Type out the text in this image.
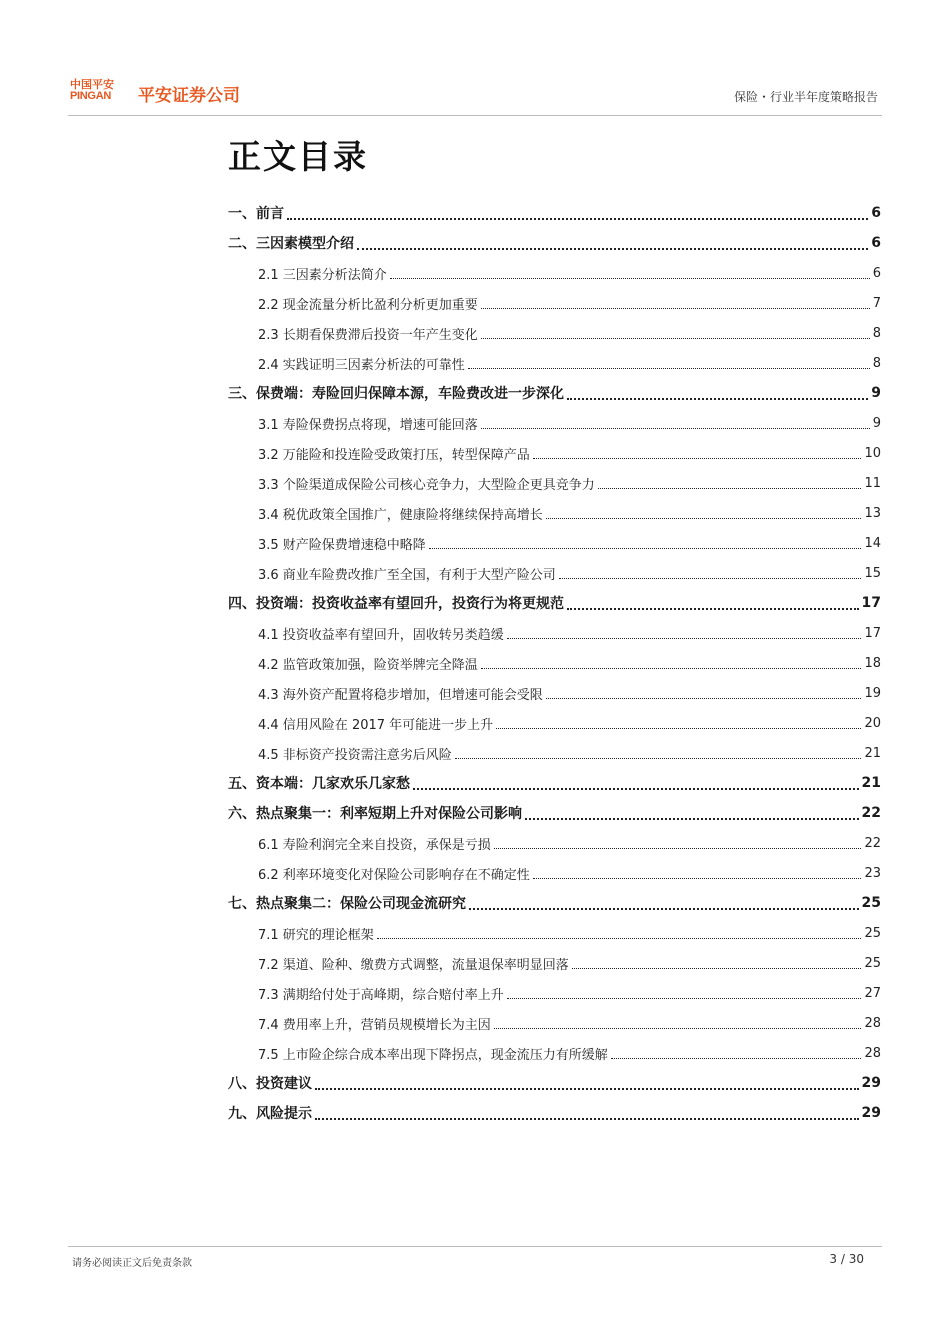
中国平安
PINGAN 平安证券公司	保险・行业半年度策略报告
正文目录
一、前言	6
二、三因素模型介绍	6
2.1 三因素分析法简介	6
2.2 现金流量分析比盈利分析更加重要	7
2.3 长期看保费滞后投资一年产生变化	8
2.4 实践证明三因素分析法的可靠性	8
三、保费端：寿险回归保障本源，车险费改进一步深化	9
3.1 寿险保费拐点将现，增速可能回落	9
3.2 万能险和投连险受政策打压，转型保障产品	10
3.3 个险渠道成保险公司核心竞争力，大型险企更具竞争力	11
3.4 税优政策全国推广，健康险将继续保持高增长	13
3.5 财产险保费增速稳中略降	14
3.6 商业车险费改推广至全国，有利于大型产险公司	15
四、投资端：投资收益率有望回升，投资行为将更规范	17
4.1 投资收益率有望回升，固收转另类趋缓	17
4.2 监管政策加强，险资举牌完全降温	18
4.3 海外资产配置将稳步增加，但增速可能会受限	19
4.4 信用风险在 2017 年可能进一步上升	20
4.5 非标资产投资需注意劣后风险	21
五、资本端：几家欢乐几家愁	21
六、热点聚集一：利率短期上升对保险公司影响	22
6.1 寿险利润完全来自投资，承保是亏损	22
6.2 利率环境变化对保险公司影响存在不确定性	23
七、热点聚集二：保险公司现金流研究	25
7.1 研究的理论框架	25
7.2 渠道、险种、缴费方式调整，流量退保率明显回落	25
7.3 满期给付处于高峰期，综合赔付率上升	27
7.4 费用率上升，营销员规模增长为主因	28
7.5 上市险企综合成本率出现下降拐点，现金流压力有所缓解	28
八、投资建议	29
九、风险提示	29
请务必阅读正文后免责条款	3 / 30
